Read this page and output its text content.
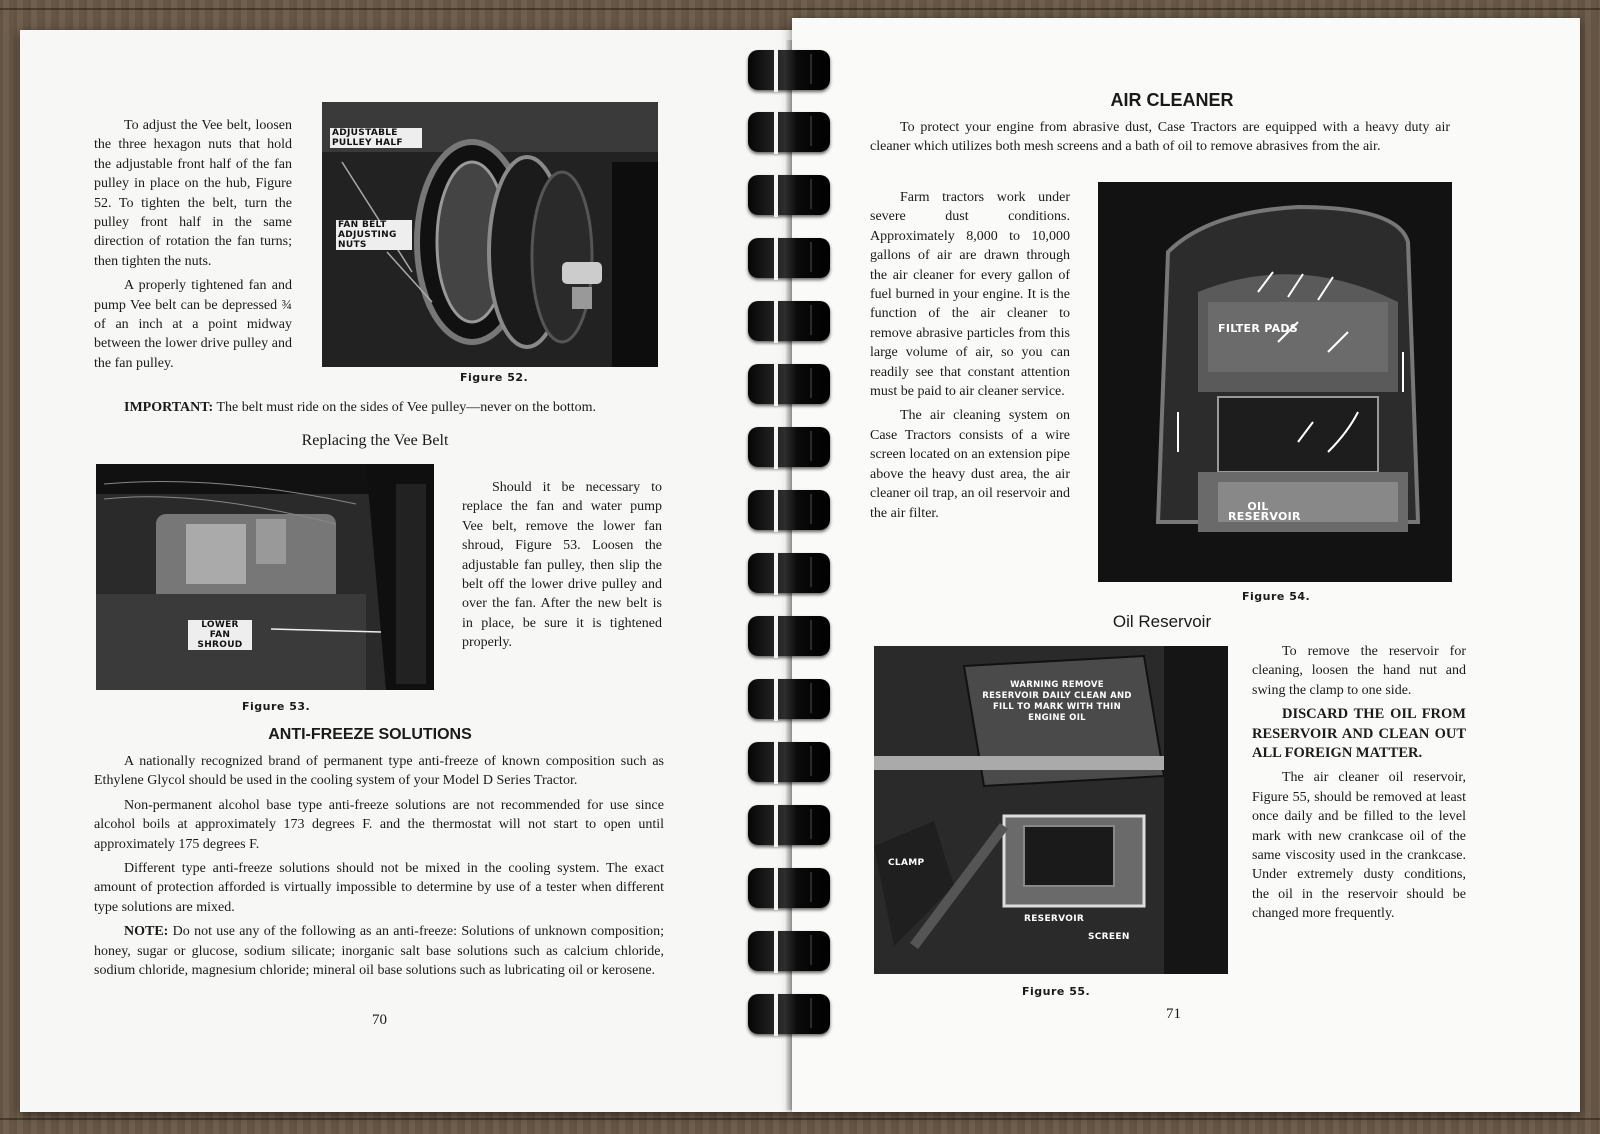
To adjust the Vee belt, loosen the three hexagon nuts that hold the adjustable front half of the fan pulley in place on the hub, Figure 52. To tighten the belt, turn the pulley front half in the same direction of rotation the fan turns; then tighten the nuts.

A properly tightened fan and pump Vee belt can be depressed ¾ of an inch at a point midway between the lower drive pulley and the fan pulley.

ADJUSTABLE PULLEY HALF
FAN BELT ADJUSTING NUTS
Figure 52.

IMPORTANT: The belt must ride on the sides of Vee pulley—never on the bottom.

Replacing the Vee Belt
LOWER FAN SHROUD
Figure 53.

Should it be necessary to replace the fan and water pump Vee belt, remove the lower fan shroud, Figure 53. Loosen the adjustable fan pulley, then slip the belt off the lower drive pulley and over the fan. After the new belt is in place, be sure it is tightened properly.

ANTI-FREEZE SOLUTIONS

A nationally recognized brand of permanent type anti-freeze of known composition such as Ethylene Glycol should be used in the cooling system of your Model D Series Tractor.

Non-permanent alcohol base type anti-freeze solutions are not recommended for use since alcohol boils at approximately 173 degrees F. and the thermostat will not start to open until approximately 175 degrees F.

Different type anti-freeze solutions should not be mixed in the cooling system. The exact amount of protection afforded is virtually impossible to determine by use of a tester when different type solutions are mixed.

NOTE: Do not use any of the following as an anti-freeze: Solutions of unknown composition; honey, sugar or glucose, sodium silicate; inorganic salt base solutions such as calcium chloride, sodium chloride, magnesium chloride; mineral oil base solutions such as lubricating oil or kerosene.

70
AIR CLEANER

To protect your engine from abrasive dust, Case Tractors are equipped with a heavy duty air cleaner which utilizes both mesh screens and a bath of oil to remove abrasives from the air.

Farm tractors work under severe dust conditions. Approximately 8,000 to 10,000 gallons of air are drawn through the air cleaner for every gallon of fuel burned in your engine. It is the function of the air cleaner to remove abrasive particles from this large volume of air, so you can readily see that constant attention must be paid to air cleaner service.

The air cleaning system on Case Tractors consists of a wire screen located on an extension pipe above the heavy dust area, the air cleaner oil trap, an oil reservoir and the air filter.

FILTER PADS
OIL RESERVOIR
Figure 54.
Oil Reservoir
WARNING REMOVE RESERVOIR DAILY CLEAN AND FILL TO MARK WITH THIN ENGINE OIL
CLAMP
RESERVOIR
SCREEN
Figure 55.

To remove the reservoir for cleaning, loosen the hand nut and swing the clamp to one side.

DISCARD THE OIL FROM RESERVOIR AND CLEAN OUT ALL FOREIGN MATTER.

The air cleaner oil reservoir, Figure 55, should be removed at least once daily and be filled to the level mark with new crankcase oil of the same viscosity used in the crankcase. Under extremely dusty conditions, the oil in the reservoir should be changed more frequently.

71
